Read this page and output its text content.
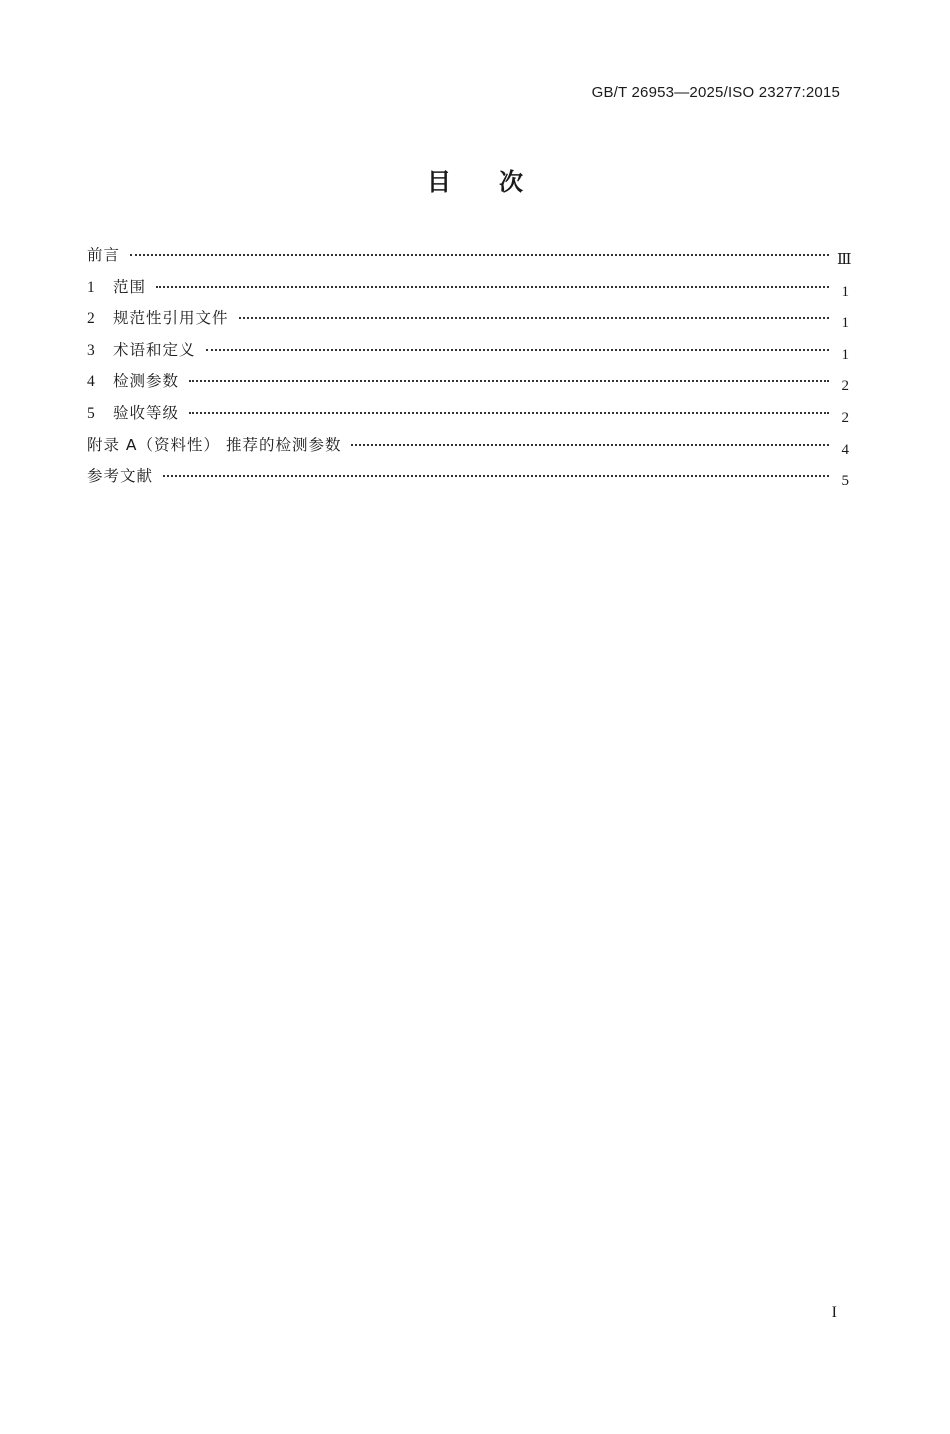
GB/T 26953—2025/ISO 23277:2015
目 次
前言	Ⅲ
1	范围	1
2	规范性引用文件	1
3	术语和定义	1
4	检测参数	2
5	验收等级	2
附录 A（资料性） 推荐的检测参数	4
参考文献	5
I
